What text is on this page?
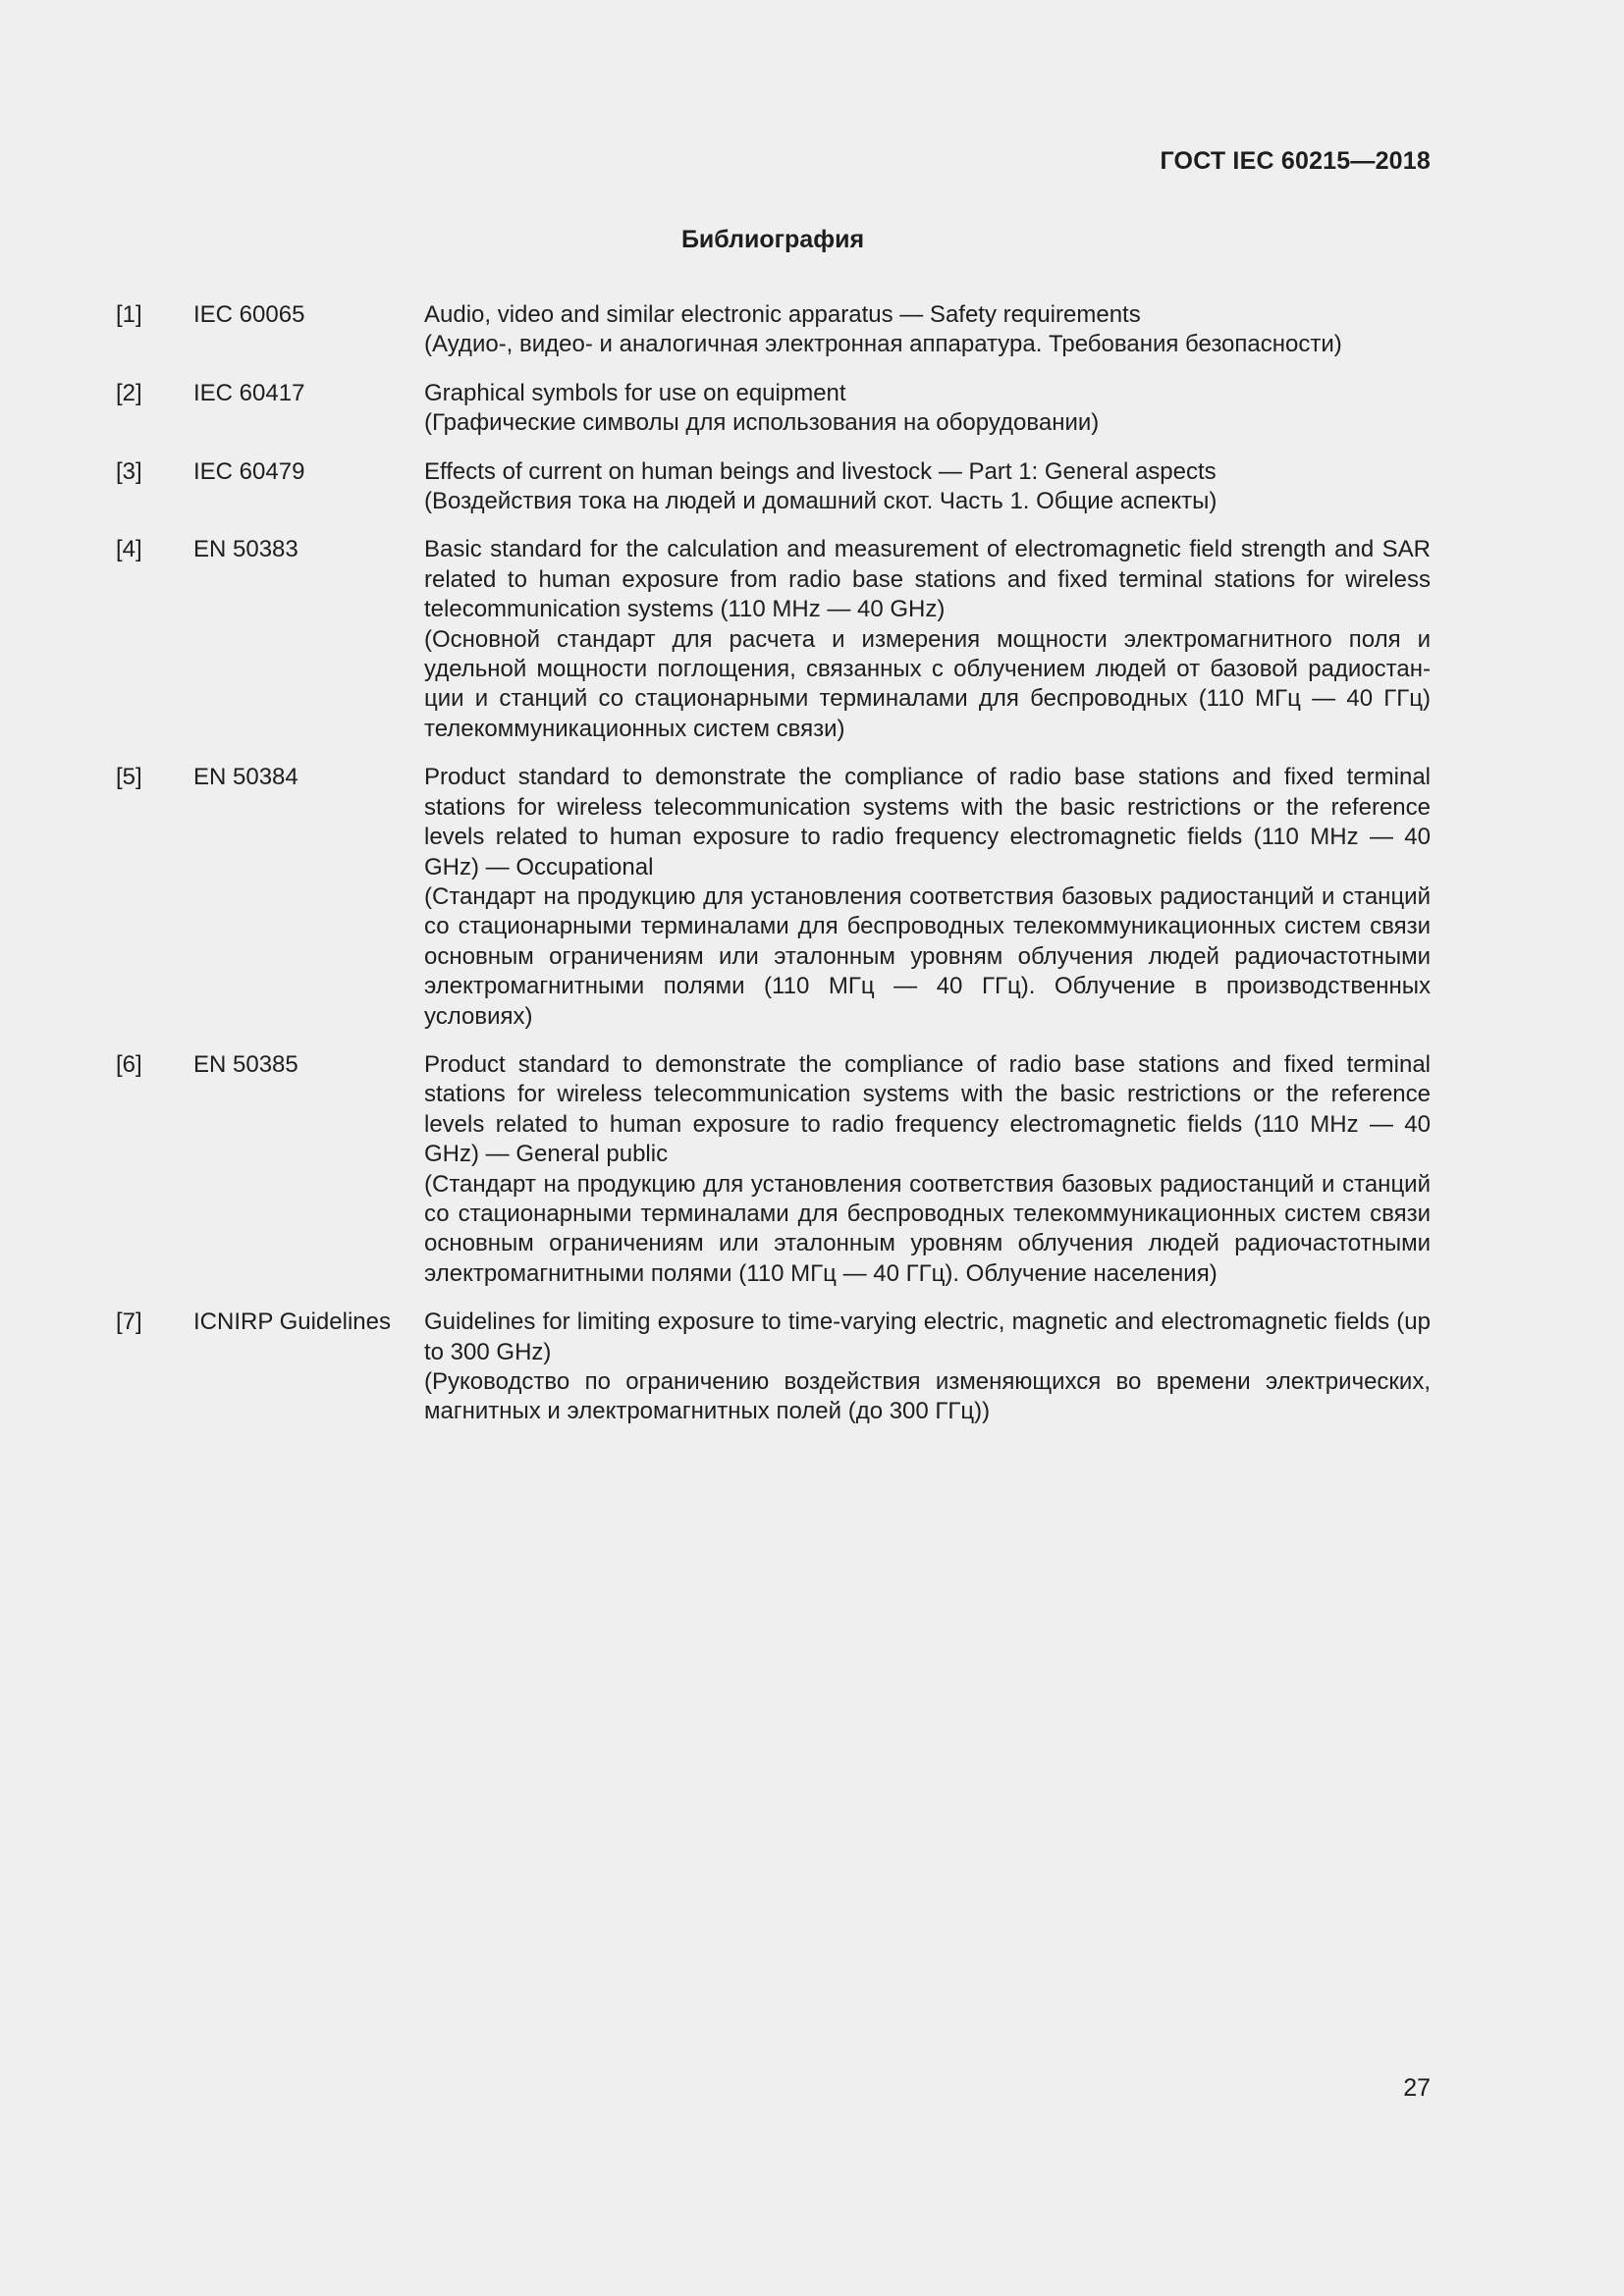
ГОСТ IEC 60215—2018
Библиография
[1]	IEC 60065	Audio, video and similar electronic apparatus — Safety requirements
(Аудио-, видео- и аналогичная электронная аппаратура. Требования безопасности)
[2]	IEC 60417	Graphical symbols for use on equipment
(Графические символы для использования на оборудовании)
[3]	IEC 60479	Effects of current on human beings and livestock — Part 1: General aspects
(Воздействия тока на людей и домашний скот. Часть 1. Общие аспекты)
[4]	EN 50383	Basic standard for the calculation and measurement of electromagnetic field strength and SAR related to human exposure from radio base stations and fixed terminal stations for wireless telecommunication systems (110 MHz — 40 GHz)
(Основной стандарт для расчета и измерения мощности электромагнитного поля и удельной мощности поглощения, связанных с облучением людей от базовой радиостанции и станций со стационарными терминалами для беспроводных (110 МГц — 40 ГГц) телекоммуникационных систем связи)
[5]	EN 50384	Product standard to demonstrate the compliance of radio base stations and fixed terminal stations for wireless telecommunication systems with the basic restrictions or the reference levels related to human exposure to radio frequency electromagnetic fields (110 MHz — 40 GHz) — Occupational
(Стандарт на продукцию для установления соответствия базовых радиостанций и станций со стационарными терминалами для беспроводных телекоммуникационных систем связи основным ограничениям или эталонным уровням облучения людей радиочастотными электромагнитными полями (110 МГц — 40 ГГц). Облучение в производственных условиях)
[6]	EN 50385	Product standard to demonstrate the compliance of radio base stations and fixed terminal stations for wireless telecommunication systems with the basic restrictions or the reference levels related to human exposure to radio frequency electromagnetic fields (110 MHz — 40 GHz) — General public
(Стандарт на продукцию для установления соответствия базовых радиостанций и станций со стационарными терминалами для беспроводных телекоммуникационных систем связи основным ограничениям или эталонным уровням облучения людей радиочастотными электромагнитными полями (110 МГц — 40 ГГц). Облучение населения)
[7]	ICNIRP Guidelines	Guidelines for limiting exposure to time-varying electric, magnetic and electromagnetic fields (up to 300 GHz)
(Руководство по ограничению воздействия изменяющихся во времени электрических, магнитных и электромагнитных полей (до 300 ГГц))
27
